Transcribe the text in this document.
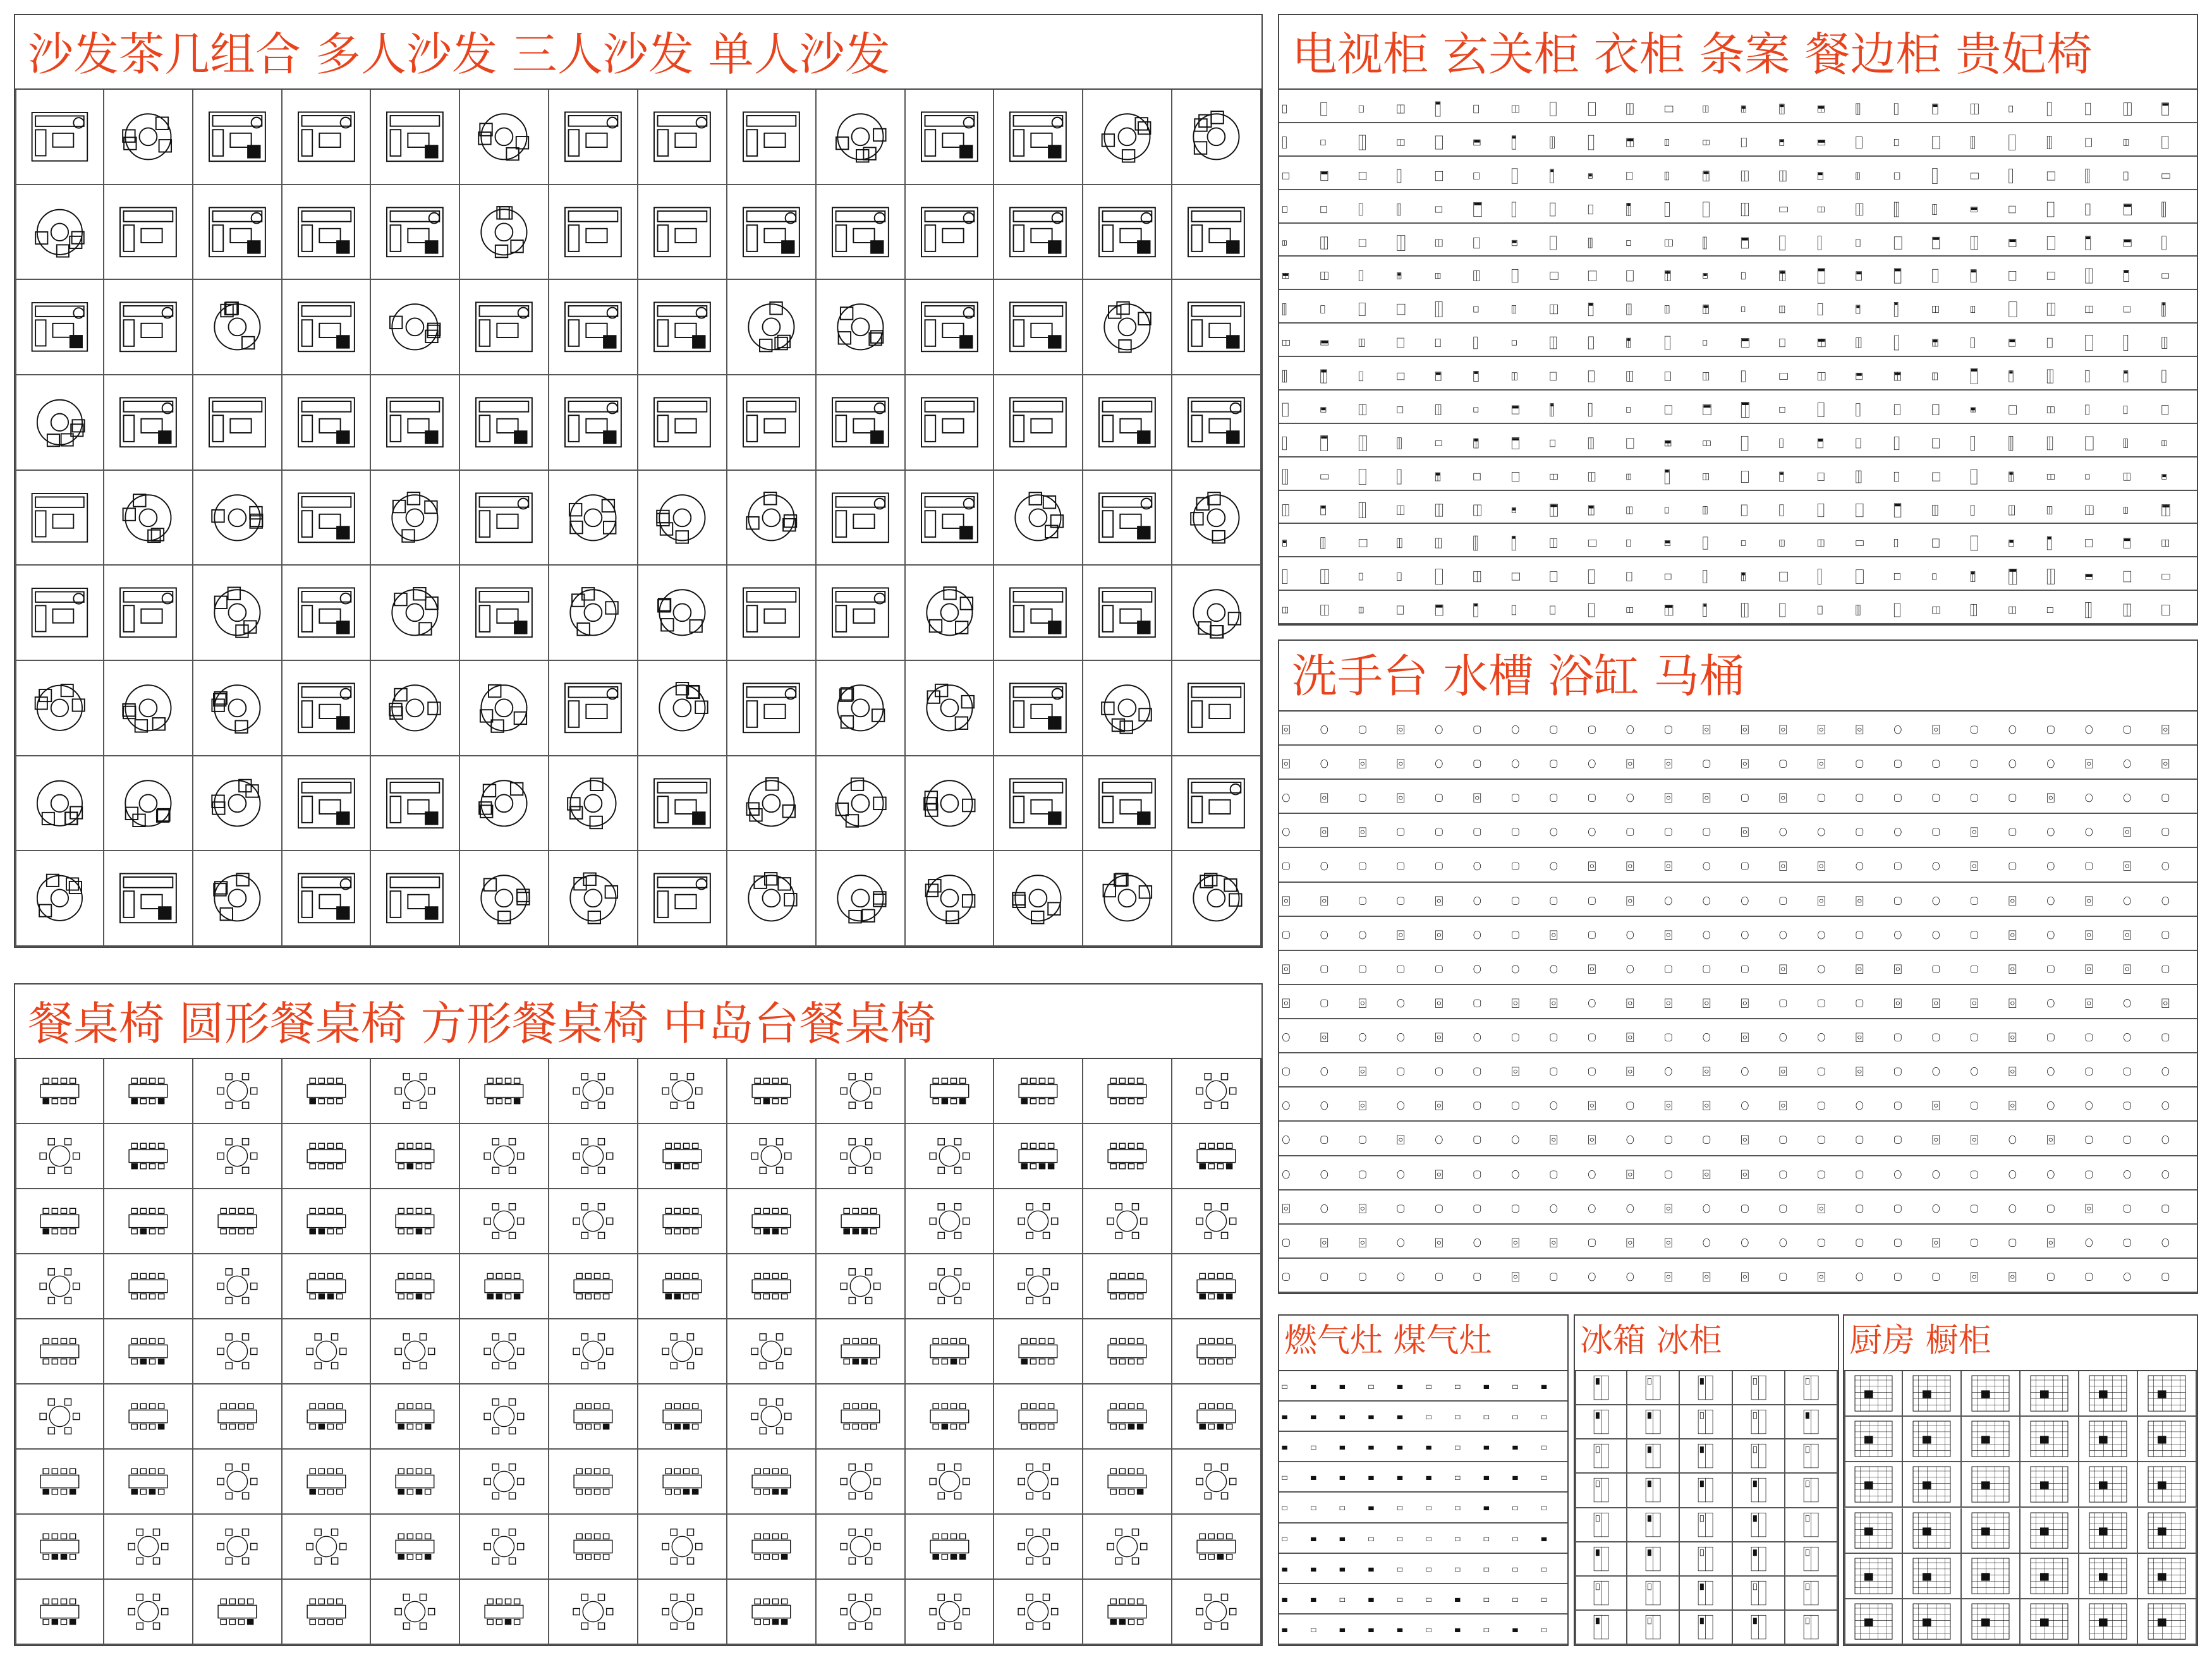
沙发茶几组合 多人沙发 三人沙发 单人沙发	电视柜 玄关柜 衣柜 条案 餐边柜 贵妃椅
餐桌椅 圆形餐桌椅 方形餐桌椅 中岛台餐桌椅
洗手台 水槽 浴缸 马桶
燃气灶 煤气灶	冰箱 冰柜	厨房 橱柜
